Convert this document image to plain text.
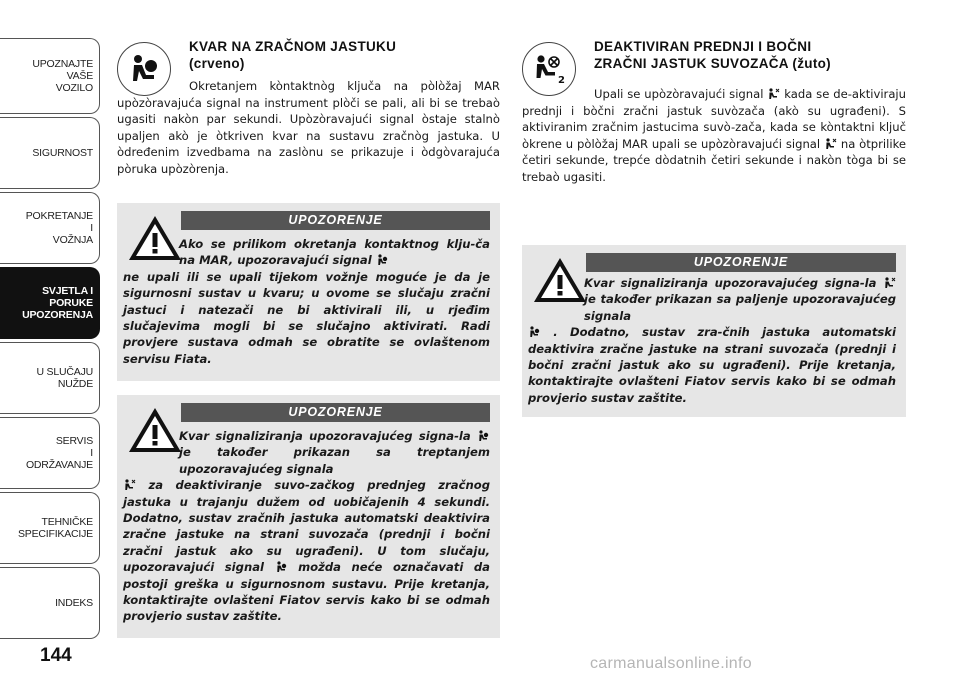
UPOZNAJTE
VAŠE
VOZILO
SIGURNOST
POKRETANJE
I
VOŽNJA
SVJETLA I
PORUKE
UPOZORENJA
U SLUČAJU
NUŽDE
SERVIS
I
ODRŽAVANJE
TEHNIČKE
SPECIFIKACIJE
INDEKS
144
KVAR NA ZRAČNOM JASTUKU
(crveno)
Okretanjem kòntaktnòg ključa na pòlòžaj MAR upòzòravajuća signal na instrument plòči se pali, ali bi se trebaò ugasiti nakòn par sekundi. Upòzòravajući signal òstaje stalnò upaljen akò je òtkriven kvar na sustavu zračnòg jastuka. U òdređenim izvedbama na zaslònu se prikazuje i òdgòvarajuća pòruka upòzòrenja.
UPOZORENJE
Ako se prilikom okretanja kontaktnog klju-ča na MAR, upozoravajući signal
ne upali ili se upali tijekom vožnje moguće je da je sigurnosni sustav u kvaru; u ovome se slučaju zračni jastuci i natezači ne bi aktivirali ili, u rjeđim slučajevima mogli bi se slučajno aktivirati. Radi provjere sustava odmah se obratite se ovlaštenom servisu Fiata.
UPOZORENJE
Kvar signaliziranja upozoravajućeg signa-la  je također prikazan sa treptanjem upozoravajućeg signala
za deaktiviranje suvo-začkog prednjeg zračnog jastuka u trajanju dužem od uobičajenih 4 sekundi. Dodatno, sustav zračnih jastuka automatski deaktivira zračne jastuke na strani suvozača (prednji i bočni zračni jastuk ako su ugrađeni). U tom slučaju, upozoravajući signal	možda neće označavati da postoji greška u sigurnosnom sustavu. Prije kretanja, kontaktirajte ovlašteni Fiatov servis kako bi se odmah provjerio sustav zaštite.
2
DEAKTIVIRAN PREDNJI I BOČNI
ZRAČNI JASTUK SUVOZAČA (žuto)
Upali se upòzòravajući signal kada se de-aktiviraju prednji i bòčni zračni jastuk suvòzača (akò su ugrađeni). S aktiviranim zračnim jastucima suvò-zača, kada se kòntaktni ključ òkrene u pòlòžaj MAR upali se upòzòravajući signal na òtprilike četiri sekunde, trepće dòdatnih četiri sekunde i nakòn tòga bi se trebaò ugasiti.
UPOZORENJE
Kvar signaliziranja upozoravajućeg signa-la  je također prikazan sa paljenje upozoravajućeg signala
. Dodatno, sustav zra-čnih jastuka automatski deaktivira zračne jastuke na strani suvozača (prednji i bočni zračni jastuk ako su ugrađeni). Prije kretanja, kontaktirajte ovlašteni Fiatov servis kako bi se odmah provjerio sustav zaštite.
carmanualsonline.info
